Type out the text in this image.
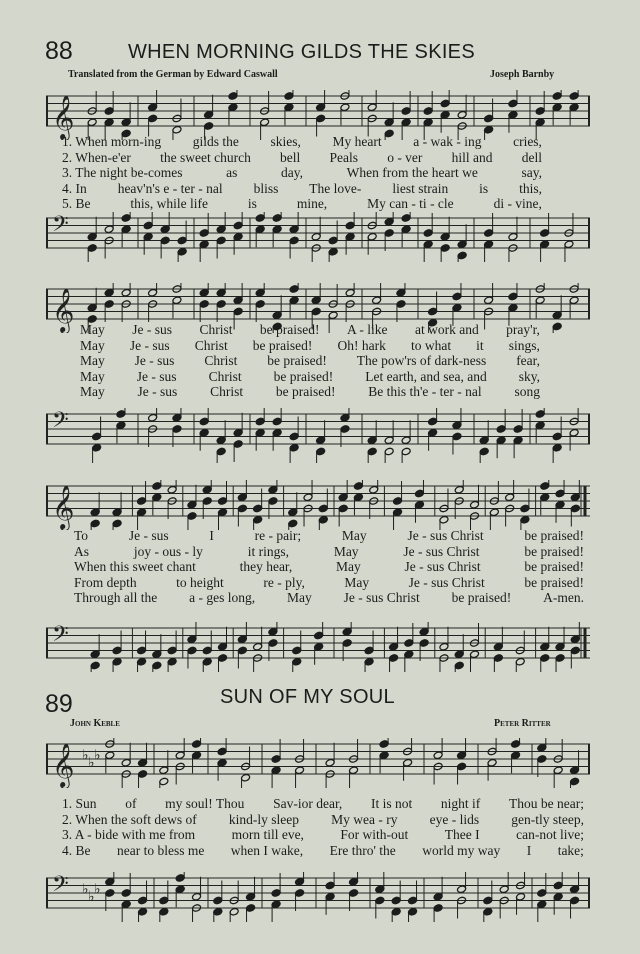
88	WHEN MORNING GILDS THE SKIES
Translated from the German by Edward Caswall	Joseph Barnby
𝄞
𝄢
𝄞
𝄢
𝄞
𝄢
1. When morn-ing gilds the skies, My heart a - wak - ing cries,
2. When-e'er the sweet church bell Peals o - ver hill and dell
3. The night be-comes	as	day,	When from the heart we	say,
4. In heav'n's e - ter - nal bliss The love- liest strain is this,
5. Be	this, while life	is	mine,	My can - ti - cle	di - vine,
May Je - sus Christ be praised! A - like at work and pray'r,
May Je - sus Christ be praised! Oh! hark to what it sings,
May Je - sus Christ be praised! The pow'rs of dark-ness fear,
May Je - sus Christ be praised! Let earth, and sea, and sky,
May Je - sus Christ be praised! Be this th'e - ter - nal song
To	Je - sus	I	re - pair;	May	Je - sus Christ	be praised!
As	joy - ous - ly	it rings,	May	Je - sus Christ	be praised!
When this sweet chant	they hear,	May	Je - sus Christ	be praised!
From depth	to height	re - ply,	May	Je - sus Christ	be praised!
Through all the a - ges long, May Je - sus Christ be praised! A-men.
89	SUN OF MY SOUL
John Keble	Peter Ritter
𝄞 ♭ ♭ ♭
𝄢 ♭ ♭ ♭
1. Sun of my soul! Thou Sav-ior dear, It is not night if Thou be near;
2. When the soft dews of kind-ly sleep My wea - ry eye - lids gen-tly steep,
3. A - bide with me from	morn till eve,	For with-out	Thee I	can-not live;
4. Be near to bless me when I wake, Ere thro' the world my way I take;
